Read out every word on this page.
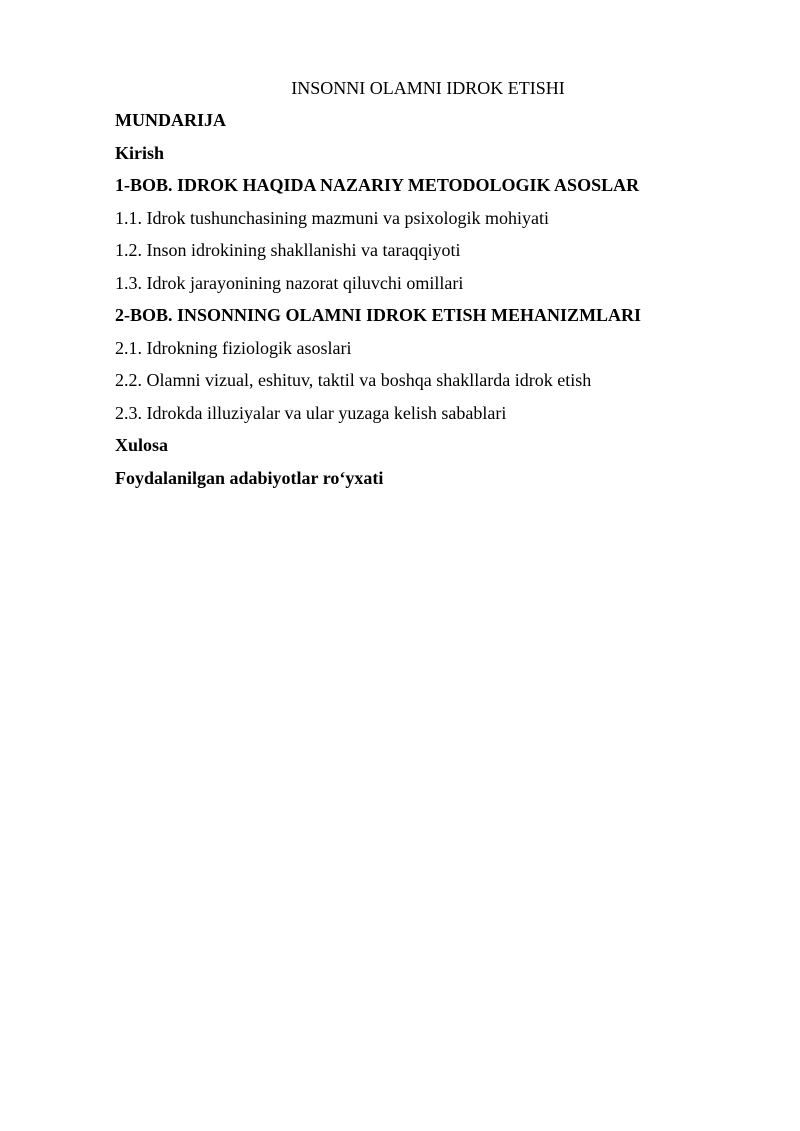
INSONNI OLAMNI IDROK ETISHI
MUNDARIJA
Kirish
1-BOB. IDROK HAQIDA NAZARIY METODOLOGIK ASOSLAR
1.1. Idrok tushunchasining mazmuni va psixologik mohiyati
1.2. Inson idrokining shakllanishi va taraqqiyoti
1.3. Idrok jarayonining nazorat qiluvchi omillari
2-BOB. INSONNING OLAMNI IDROK ETISH MEHANIZMLARI
2.1. Idrokning fiziologik asoslari
2.2. Olamni vizual, eshituv, taktil va boshqa shakllarda idrok etish
2.3. Idrokda illuziyalar va ular yuzaga kelish sabablari
Xulosa
Foydalanilgan adabiyotlar ro‘yxati
